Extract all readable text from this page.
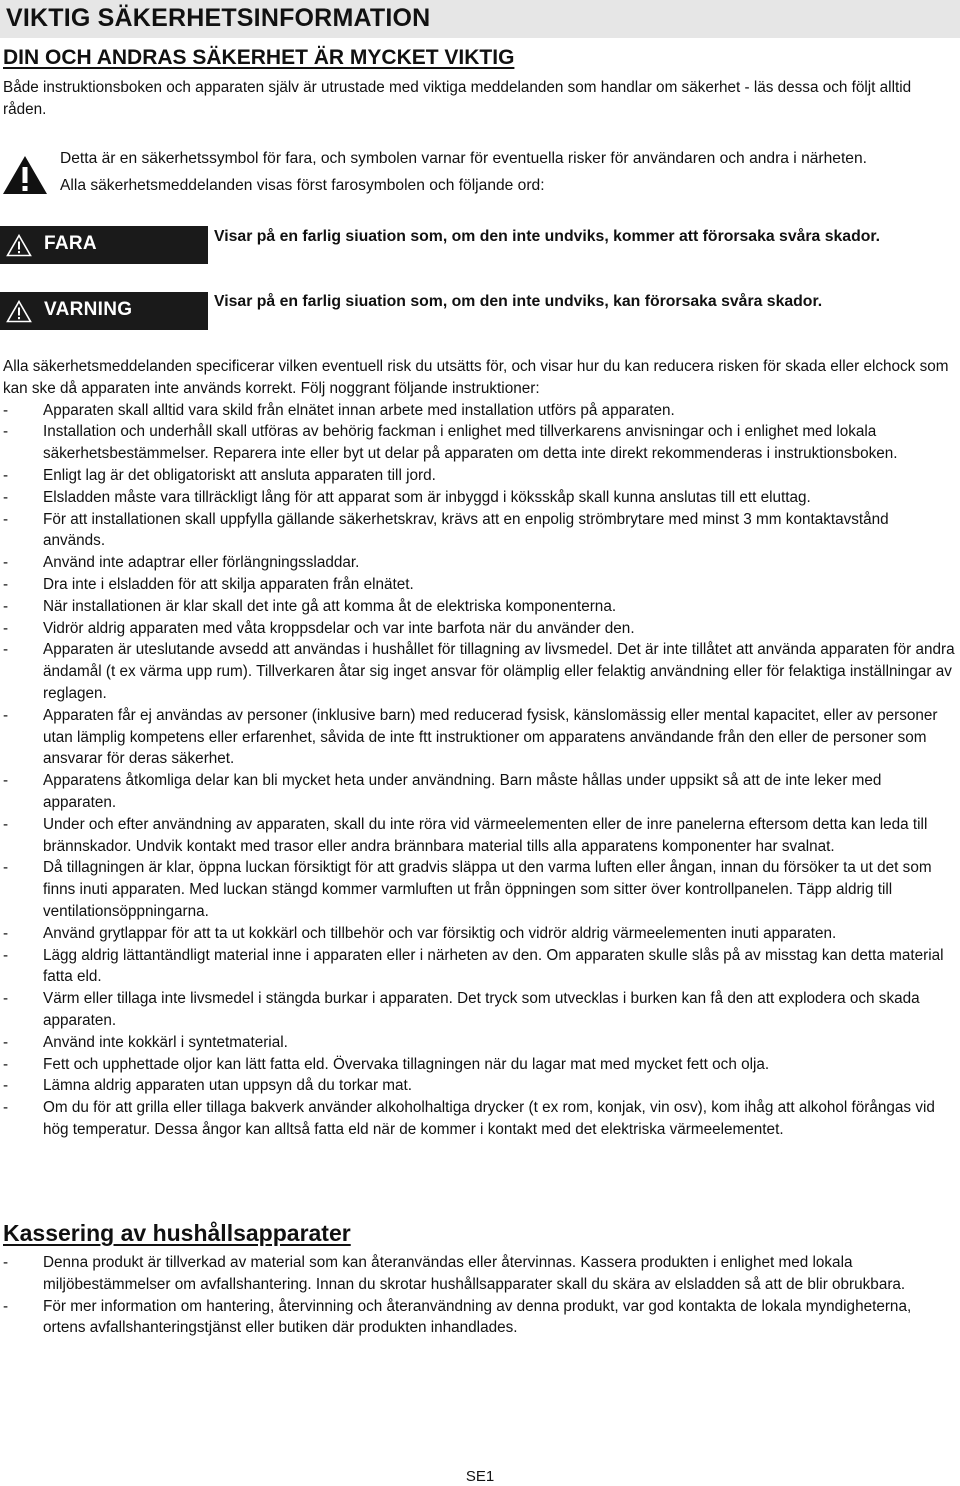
VIKTIG SÄKERHETSINFORMATION
DIN OCH ANDRAS SÄKERHET ÄR MYCKET VIKTIG

Både instruktionsboken och apparaten själv är utrustade med viktiga meddelanden som handlar om säkerhet - läs dessa och följt alltid råden.

Detta är en säkerhetssymbol för fara, och symbolen varnar för eventuella risker för användaren och andra i närheten.
Alla säkerhetsmeddelanden visas först farosymbolen och följande ord:
FARA	Visar på en farlig siuation som, om den inte undviks, kommer att förorsaka svåra skador.
VARNING	Visar på en farlig siuation som, om den inte undviks, kan förorsaka svåra skador.

Alla säkerhetsmeddelanden specificerar vilken eventuell risk du utsätts för, och visar hur du kan reducera risken för skada eller elchock som kan ske då apparaten inte används korrekt. Följ noggrant följande instruktioner:

- Apparaten skall alltid vara skild från elnätet innan arbete med installation utförs på apparaten.
- Installation och underhåll skall utföras av behörig fackman i enlighet med tillverkarens anvisningar och i enlighet med lokala säkerhetsbestämmelser. Reparera inte eller byt ut delar på apparaten om detta inte direkt rekommenderas i instruktionsboken.
- Enligt lag är det obligatoriskt att ansluta apparaten till jord.
- Elsladden måste vara tillräckligt lång för att apparat som är inbyggd i köksskåp skall kunna anslutas till ett eluttag.
- För att installationen skall uppfylla gällande säkerhetskrav, krävs att en enpolig strömbrytare med minst 3 mm kontaktavstånd används.
- Använd inte adaptrar eller förlängningssladdar.
- Dra inte i elsladden för att skilja apparaten från elnätet.
- När installationen är klar skall det inte gå att komma åt de elektriska komponenterna.
- Vidrör aldrig apparaten med våta kroppsdelar och var inte barfota när du använder den.
- Apparaten är uteslutande avsedd att användas i hushållet för tillagning av livsmedel. Det är inte tillåtet att använda apparaten för andra ändamål (t ex värma upp rum). Tillverkaren åtar sig inget ansvar för olämplig eller felaktig användning eller för felaktiga inställningar av reglagen.
- Apparaten får ej användas av personer (inklusive barn) med reducerad fysisk, känslomässig eller mental kapacitet, eller av personer utan lämplig kompetens eller erfarenhet, såvida de inte ftt instruktioner om apparatens användande från den eller de personer som ansvarar för deras säkerhet.
- Apparatens åtkomliga delar kan bli mycket heta under användning. Barn måste hållas under uppsikt så att de inte leker med apparaten.
- Under och efter användning av apparaten, skall du inte röra vid värmeelementen eller de inre panelerna eftersom detta kan leda till brännskador. Undvik kontakt med trasor eller andra brännbara material tills alla apparatens komponenter har svalnat.
- Då tillagningen är klar, öppna luckan försiktigt för att gradvis släppa ut den varma luften eller ångan, innan du försöker ta ut det som finns inuti apparaten. Med luckan stängd kommer varmluften ut från öppningen som sitter över kontrollpanelen. Täpp aldrig till ventilationsöppningarna.
- Använd grytlappar för att ta ut kokkärl och tillbehör och var försiktig och vidrör aldrig värmeelementen inuti apparaten.
- Lägg aldrig lättantändligt material inne i apparaten eller i närheten av den. Om apparaten skulle slås på av misstag kan detta material fatta eld.
- Värm eller tillaga inte livsmedel i stängda burkar i apparaten. Det tryck som utvecklas i burken kan få den att explodera och skada apparaten.
- Använd inte kokkärl i syntetmaterial.
- Fett och upphettade oljor kan lätt fatta eld. Övervaka tillagningen när du lagar mat med mycket fett och olja.
- Lämna aldrig apparaten utan uppsyn då du torkar mat.
- Om du för att grilla eller tillaga bakverk använder alkoholhaltiga drycker (t ex rom, konjak, vin osv), kom ihåg att alkohol förångas vid hög temperatur. Dessa ångor kan alltså fatta eld när de kommer i kontakt med det elektriska värmeelementet.
Kassering av hushållsapparater
- Denna produkt är tillverkad av material som kan återanvändas eller återvinnas. Kassera produkten i enlighet med lokala miljöbestämmelser om avfallshantering. Innan du skrotar hushållsapparater skall du skära av elsladden så att de blir obrukbara.
- För mer information om hantering, återvinning och återanvändning av denna produkt, var god kontakta de lokala myndigheterna, ortens avfallshanteringstjänst eller butiken där produkten inhandlades.
SE1
